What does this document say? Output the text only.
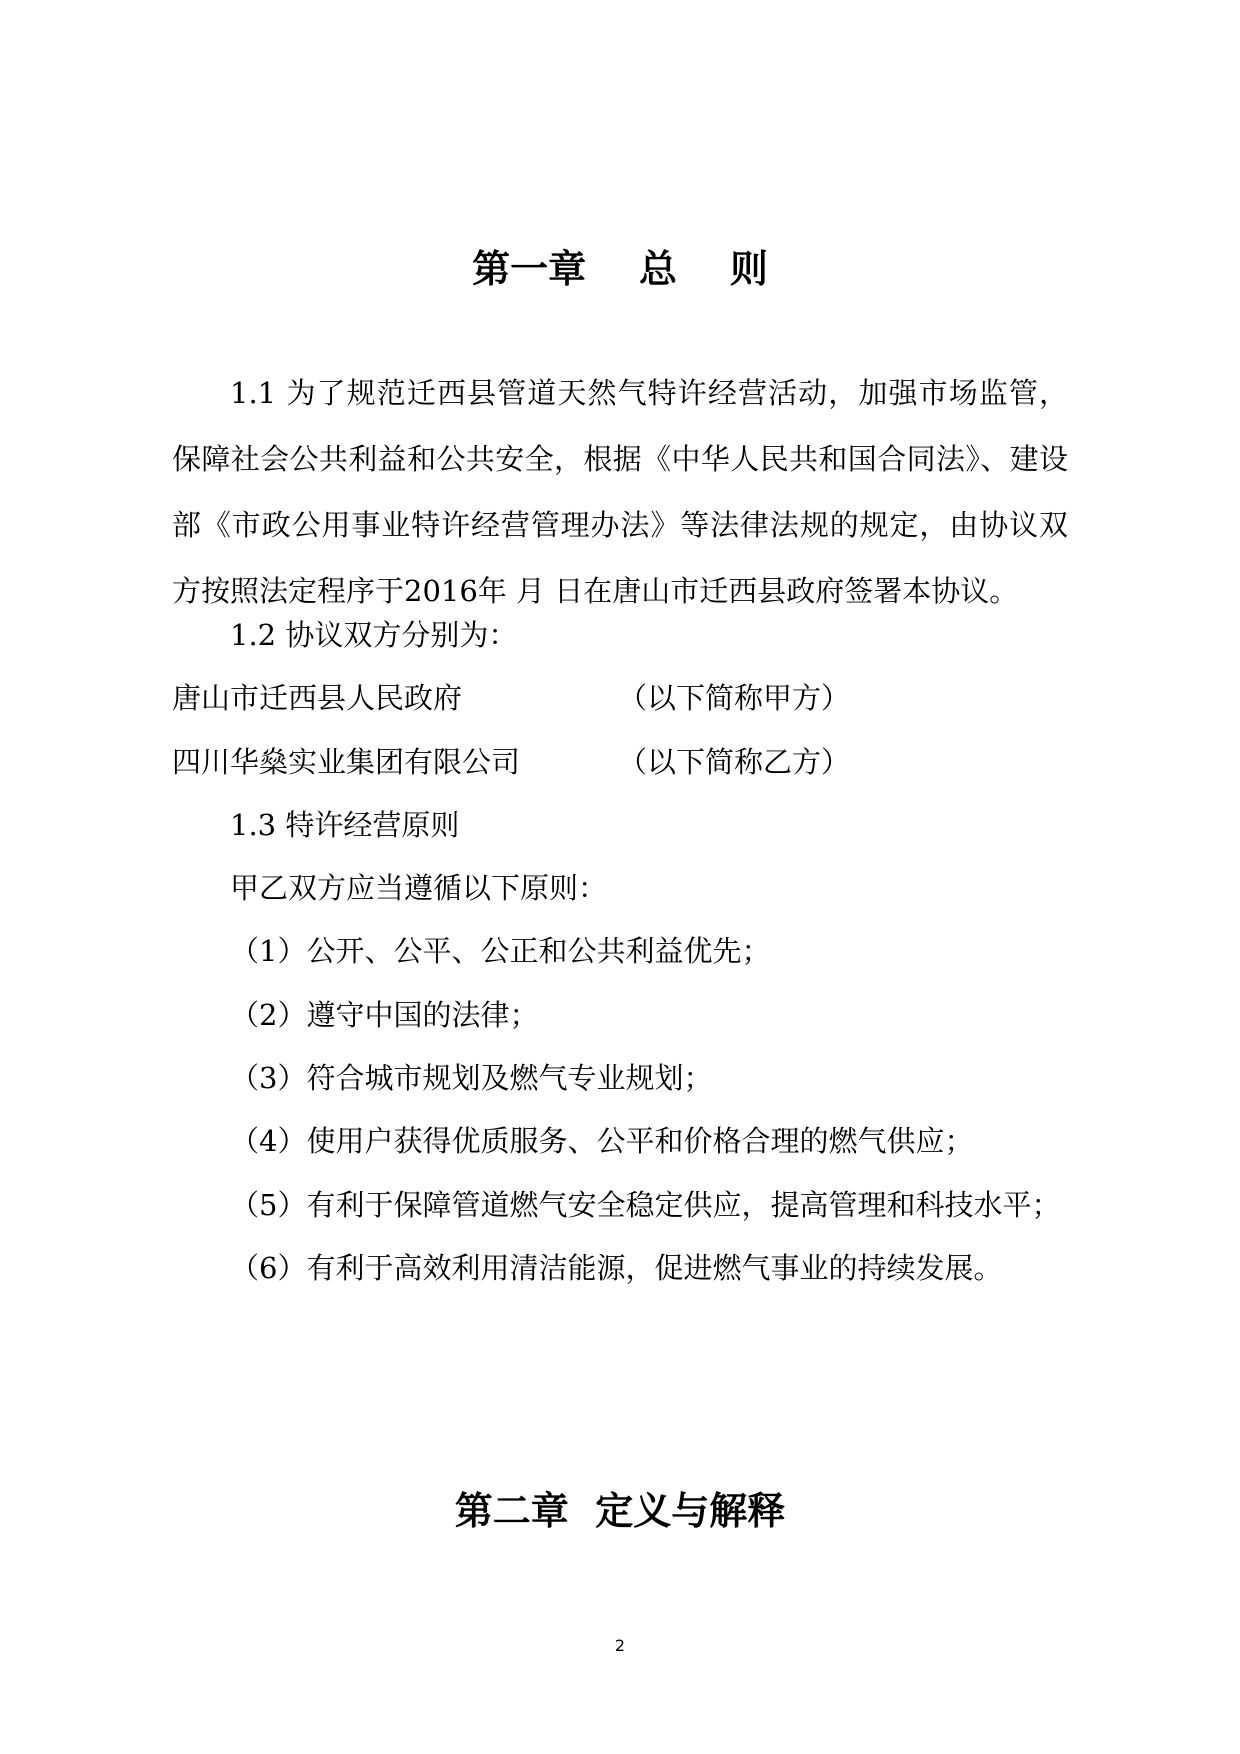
第一章    总    则

1.1 为了规范迁西县管道天然气特许经营活动，加强市场监管，保障社会公共利益和公共安全，根据《中华人民共和国合同法》、建设部《市政公用事业特许经营管理办法》等法律法规的规定，由协议双方按照法定程序于2016年 月 日在唐山市迁西县政府签署本协议。

1.2 协议双方分别为：
唐山市迁西县人民政府	（以下简称甲方）
四川华燊实业集团有限公司	（以下简称乙方）
1.3 特许经营原则
甲乙双方应当遵循以下原则：
（1）公开、公平、公正和公共利益优先；
（2）遵守中国的法律；
（3）符合城市规划及燃气专业规划；
（4）使用户获得优质服务、公平和价格合理的燃气供应；
（5）有利于保障管道燃气安全稳定供应，提高管理和科技水平；
（6）有利于高效利用清洁能源，促进燃气事业的持续发展。
第二章  定义与解释
2
